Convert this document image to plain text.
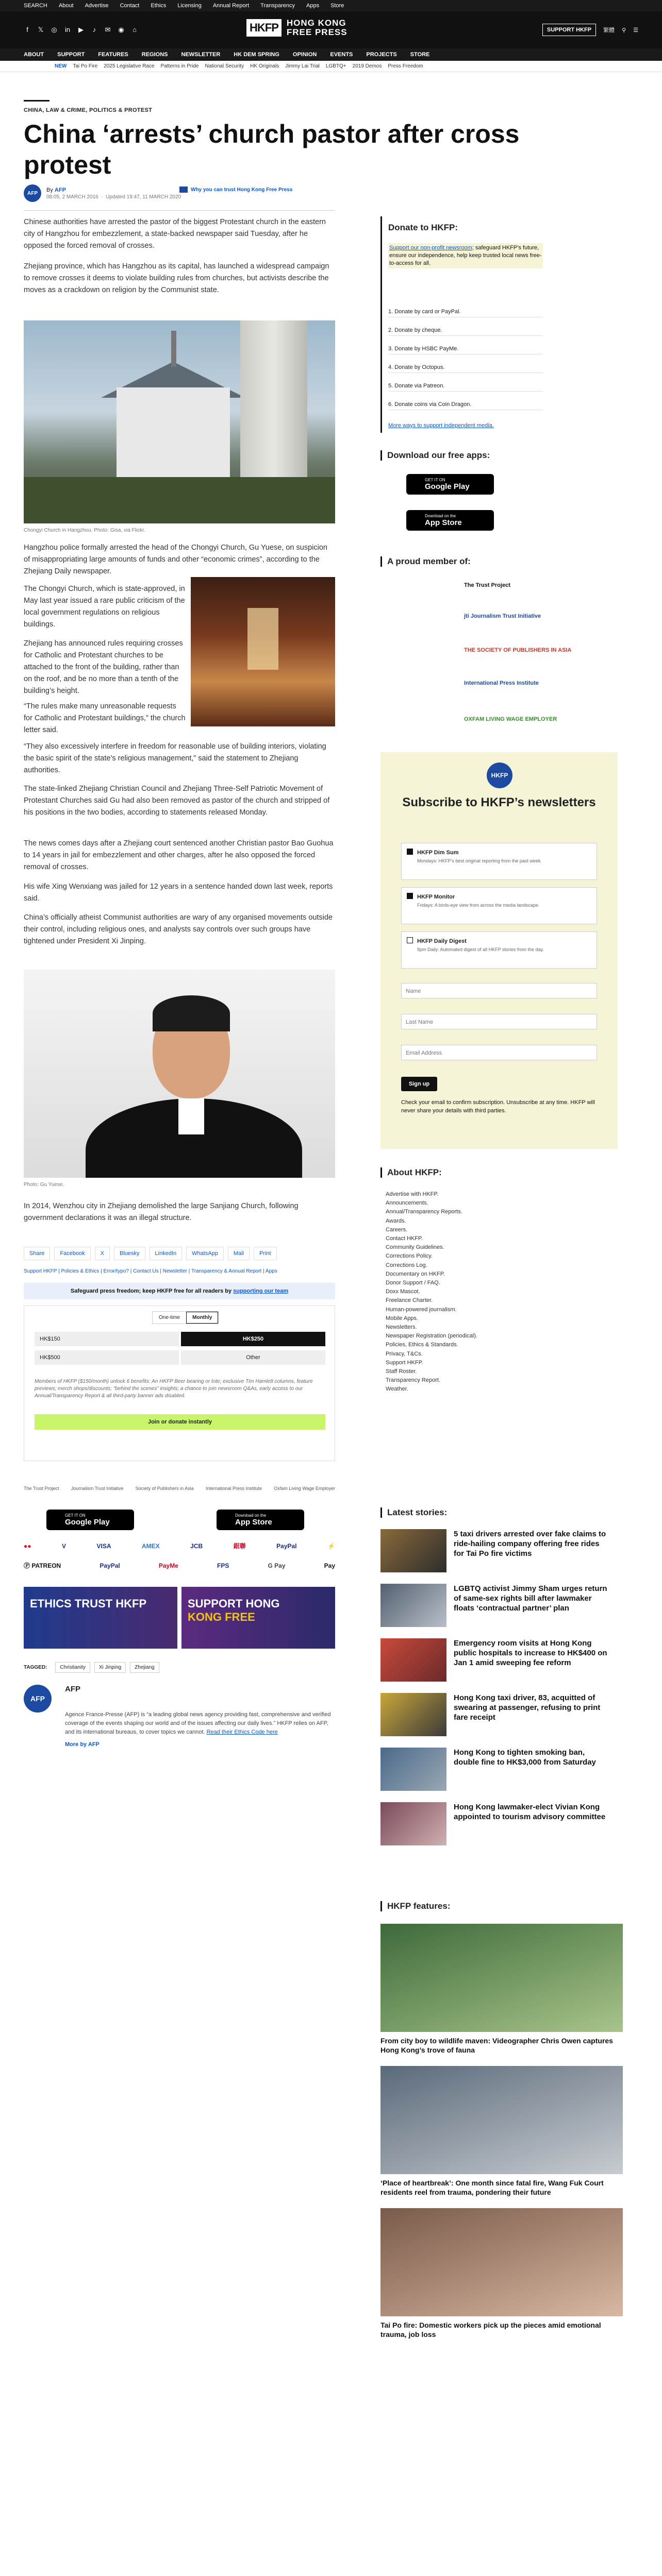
SEARCH About Advertise Contact Ethics Licensing Annual Report Transparency Apps Store
f	𝕏 ◎ in ▶ ♪ ✉ ◉ ⌂	HKFP HONG KONG
FREE PRESS	SUPPORT HKFP	繁體 ⚲ ☰
ABOUT SUPPORT FEATURES REGIONS NEWSLETTER HK DEM SPRING OPINION EVENTS PROJECTS STORE
NEW Tai Po Fire 2025 Legislative Race Patterns in Pride National Security HK Originals Jimmy Lai Trial LGBTQ+ 2019 Demos Press Freedom
CHINA, LAW & CRIME, POLITICS & PROTEST
China ‘arrests’ church pastor after cross protest
AFP
By AFP
08:05, 2 MARCH 2016  ·  Updated 19:47, 11 MARCH 2020
Why you can trust Hong Kong Free Press

Chinese authorities have arrested the pastor of the biggest Protestant church in the eastern city of Hangzhou for embezzlement, a state-backed newspaper said Tuesday, after he opposed the forced removal of crosses.

Zhejiang province, which has Hangzhou as its capital, has launched a widespread campaign to remove crosses it deems to violate building rules from churches, but activists describe the moves as a crackdown on religion by the Communist state.

Chongyi Church in Hangzhou. Photo: Gisa, via Flickr.

Hangzhou police formally arrested the head of the Chongyi Church, Gu Yuese, on suspicion of misappropriating large amounts of funds and other “economic crimes”, according to the Zhejiang Daily newspaper.

The Chongyi Church, which is state-approved, in May last year issued a rare public criticism of the local government regulations on religious buildings.

Zhejiang has announced rules requiring crosses for Catholic and Protestant churches to be attached to the front of the building, rather than on the roof, and be no more than a tenth of the building’s height.

“The rules make many unreasonable requests for Catholic and Protestant buildings,” the church letter said.

“They also excessively interfere in freedom for reasonable use of building interiors, violating the basic spirit of the state’s religious management,” said the statement to Zhejiang authorities.

The state-linked Zhejiang Christian Council and Zhejiang Three-Self Patriotic Movement of Protestant Churches said Gu had also been removed as pastor of the church and stripped of his positions in the two bodies, according to statements released Monday.

The news comes days after a Zhejiang court sentenced another Christian pastor Bao Guohua to 14 years in jail for embezzlement and other charges, after he also opposed the forced removal of crosses.

His wife Xing Wenxiang was jailed for 12 years in a sentence handed down last week, reports said.

China’s officially atheist Communist authorities are wary of any organised movements outside their control, including religious ones, and analysts say controls over such groups have tightened under President Xi Jinping.

Photo: Gu Yuese.

In 2014, Wenzhou city in Zhejiang demolished the large Sanjiang Church, following government declarations it was an illegal structure.

Share	Facebook	X	Bluesky	LinkedIn	WhatsApp	Mail	Print
Support HKFP | Policies & Ethics | Error/typo? | Contact Us | Newsletter | Transparency & Annual Report | Apps
Safeguard press freedom; keep HKFP free for all readers by supporting our team
One-time	Monthly
HK$150	HK$250
HK$500	Other
Members of HKFP ($150/month) unlock 6 benefits: An HKFP Beer bearing or tote; exclusive Tim Hamlett columns, feature previews; merch shops/discounts; “behind the scenes” insights; a chance to join newsroom Q&As, early access to our Annual/Transparency Report & all third-party banner ads disabled.
Join or donate instantly
The Trust Project	Journalism Trust Initiative	Society of Publishers in Asia	International Press Institute	Oxfam Living Wage Employer
GET IT ON
Google Play
Download on the
App Store
●●	V	VISA	AMEX	JCB	銀聯	PayPal	⚡
Ⓟ PATREON	PayPal	PayMe	FPS	G Pay	Pay
ETHICS TRUST HKFP	SUPPORT HONG
KONG FREE
TAGGED:	Christianity	Xi Jinping	Zhejiang
AFP
AFP
Agence France-Presse (AFP) is “a leading global news agency providing fast, comprehensive and verified coverage of the events shaping our world and of the issues affecting our daily lives.” HKFP relies on AFP, and its international bureaus, to cover topics we cannot. Read their Ethics Code here
More by AFP
Donate to HKFP:
Support our non-profit newsroom; safeguard HKFP’s future, ensure our independence, help keep trusted local news free-to-access for all.
1. Donate by card or PayPal.
2. Donate by cheque.
3. Donate by HSBC PayMe.
4. Donate by Octopus.
5. Donate via Patreon.
6. Donate coins via Coin Dragon.
More ways to support independent media.
Download our free apps:
GET IT ON
Google Play
Download on the
App Store
A proud member of:
The Trust Project
jti Journalism Trust Initiative
THE SOCIETY OF PUBLISHERS IN ASIA
International Press Institute
OXFAM LIVING WAGE EMPLOYER
HKFP
Subscribe to HKFP’s newsletters
HKFP Dim Sum

Mondays: HKFP’s best original reporting from the past week.

HKFP Monitor

Fridays: A birds-eye view from across the media landscape.

HKFP Daily Digest

9pm Daily: Automated digest of all HKFP stories from the day.

Name
Last Name
Email Address
Sign up
Check your email to confirm subscription. Unsubscribe at any time. HKFP will never share your details with third parties.
About HKFP:
Advertise with HKFP.
Announcements.
Annual/Transparency Reports.
Awards.
Careers.
Contact HKFP.
Community Guidelines.
Corrections Policy.
Corrections Log.
Documentary on HKFP.
Donor Support / FAQ.
Doxx Mascot.
Freelance Charter.
Human-powered journalism.
Mobile Apps.
Newsletters.
Newspaper Registration (periodical).
Policies, Ethics & Standards.
Privacy, T&Cs.
Support HKFP.
Staff Roster.
Transparency Report.
Weather.
Latest stories:
5 taxi drivers arrested over fake claims to ride-hailing company offering free rides for Tai Po fire victims
LGBTQ activist Jimmy Sham urges return of same-sex rights bill after lawmaker floats ‘contractual partner’ plan
Emergency room visits at Hong Kong public hospitals to increase to HK$400 on Jan 1 amid sweeping fee reform
Hong Kong taxi driver, 83, acquitted of swearing at passenger, refusing to print fare receipt
Hong Kong to tighten smoking ban, double fine to HK$3,000 from Saturday
Hong Kong lawmaker-elect Vivian Kong appointed to tourism advisory committee
HKFP features:
From city boy to wildlife maven: Videographer Chris Owen captures Hong Kong’s trove of fauna
‘Place of heartbreak’: One month since fatal fire, Wang Fuk Court residents reel from trauma, pondering their future
Tai Po fire: Domestic workers pick up the pieces amid emotional trauma, job loss
